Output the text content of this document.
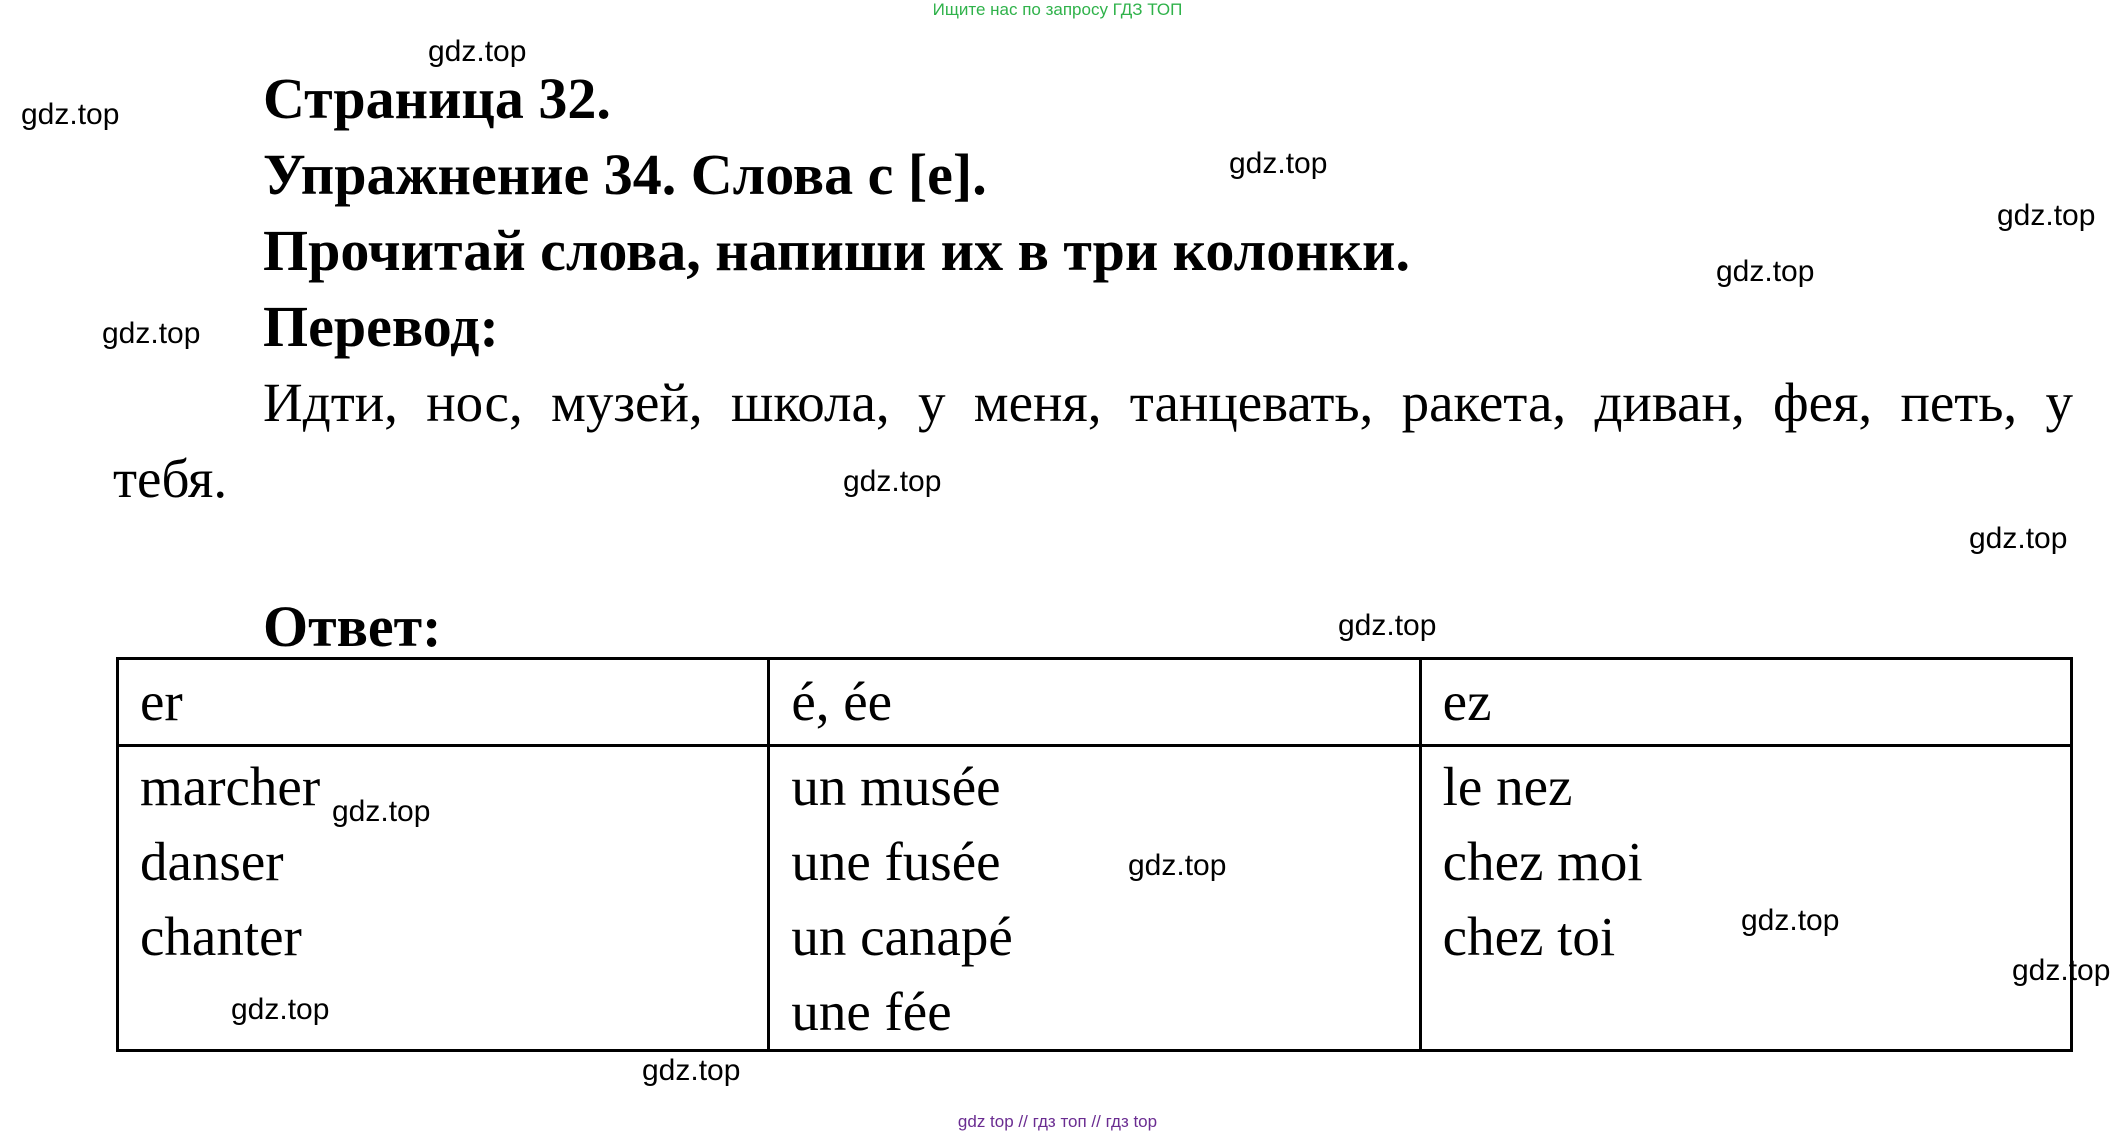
Ищите нас по запросу ГДЗ ТОП
Страница 32.
Упражнение 34. Слова с [e].
Прочитай слова, напиши их в три колонки.
Перевод:
Идти, нос, музей, школа, у меня, танцевать, ракета, диван, фея, петь, у
тебя.
Ответ:
er	é, ée	ez

marcher
danser
chanter	un musée
une fusée
un canapé
une fée	le nez
chez moi
chez toi
gdz.top
gdz.top
gdz.top
gdz.top
gdz.top
gdz.top
gdz.top
gdz.top
gdz.top
gdz.top
gdz.top
gdz.top
gdz.top
gdz.top
gdz.top
gdz top // гдз топ // гдз top
